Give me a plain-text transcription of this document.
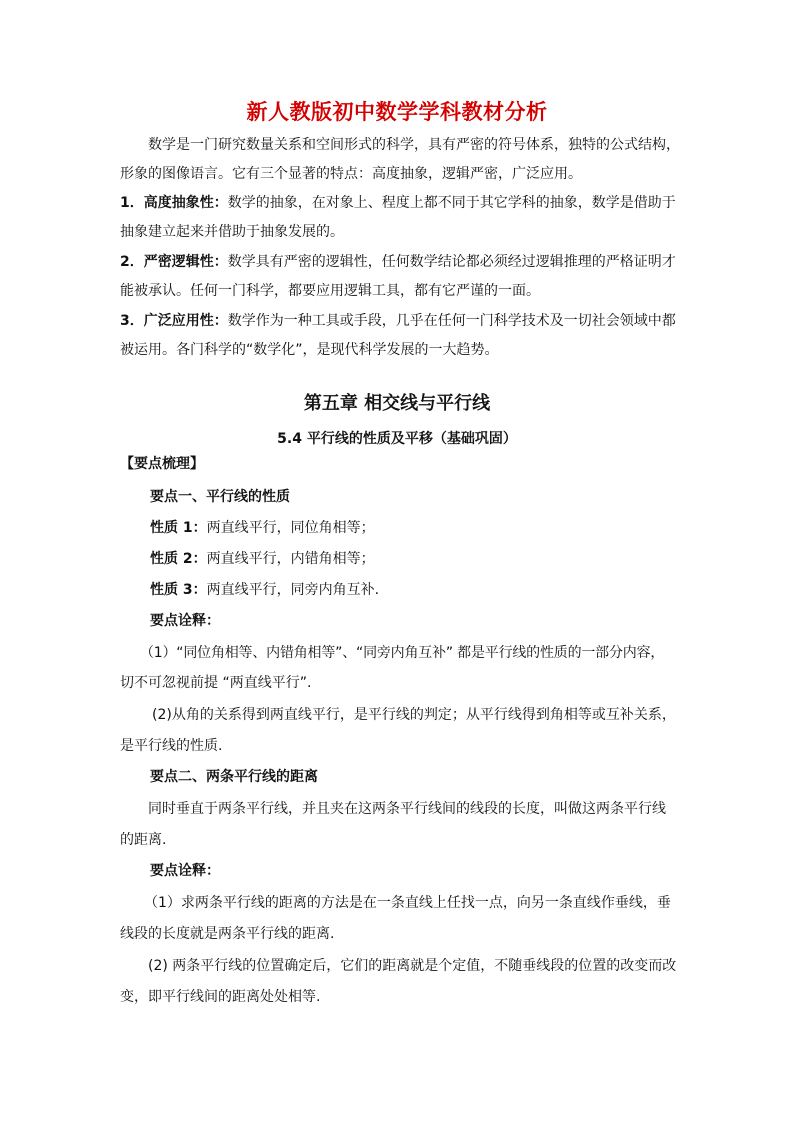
新人教版初中数学学科教材分析
数学是一门研究数量关系和空间形式的科学，具有严密的符号体系，独特的公式结构，
形象的图像语言。它有三个显著的特点：高度抽象，逻辑严密，广泛应用。
1．高度抽象性：数学的抽象，在对象上、程度上都不同于其它学科的抽象，数学是借助于
抽象建立起来并借助于抽象发展的。
2．严密逻辑性：数学具有严密的逻辑性，任何数学结论都必须经过逻辑推理的严格证明才
能被承认。任何一门科学，都要应用逻辑工具，都有它严谨的一面。
3．广泛应用性：数学作为一种工具或手段，几乎在任何一门科学技术及一切社会领域中都
被运用。各门科学的“数学化”，是现代科学发展的一大趋势。
第五章 相交线与平行线
5.4 平行线的性质及平移（基础巩固）
【要点梳理】
要点一、平行线的性质
性质 1：两直线平行，同位角相等；
性质 2：两直线平行，内错角相等；
性质 3：两直线平行，同旁内角互补.
要点诠释：
（1）“同位角相等、内错角相等”、“同旁内角互补” 都是平行线的性质的一部分内容，
切不可忽视前提 “两直线平行”.
(2)从角的关系得到两直线平行，是平行线的判定；从平行线得到角相等或互补关系，
是平行线的性质.
要点二、两条平行线的距离
同时垂直于两条平行线，并且夹在这两条平行线间的线段的长度，叫做这两条平行线
的距离.
要点诠释：
（1）求两条平行线的距离的方法是在一条直线上任找一点，向另一条直线作垂线，垂
线段的长度就是两条平行线的距离.
(2) 两条平行线的位置确定后，它们的距离就是个定值，不随垂线段的位置的改变而改
变，即平行线间的距离处处相等.
